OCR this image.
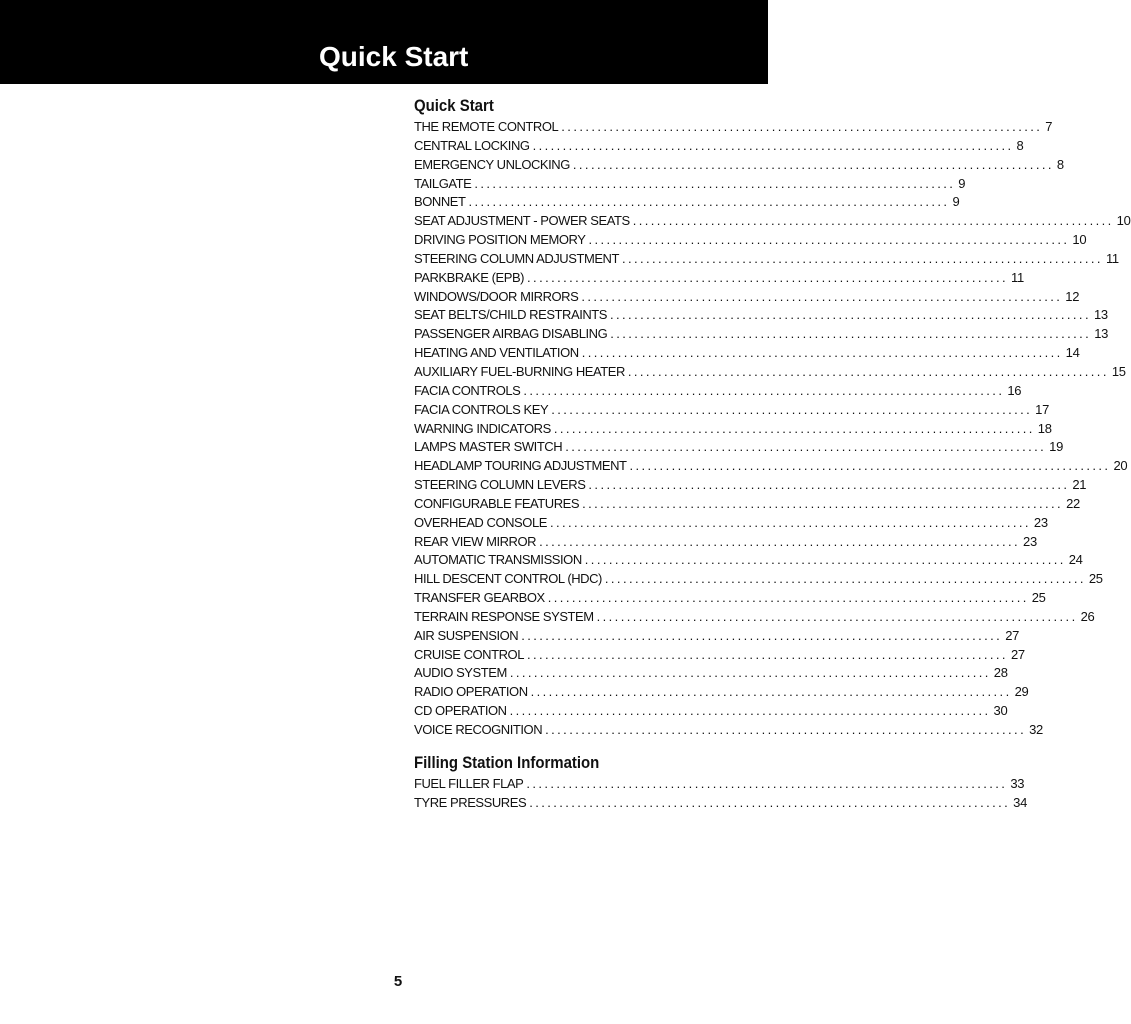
Quick Start
Quick Start
THE REMOTE CONTROL ................................................................................ 7
CENTRAL LOCKING ................................................................................ 8
EMERGENCY UNLOCKING ................................................................................ 8
TAILGATE ................................................................................ 9
BONNET ................................................................................ 9
SEAT ADJUSTMENT - POWER SEATS ................................................................................ 10
DRIVING POSITION MEMORY ................................................................................ 10
STEERING COLUMN ADJUSTMENT ................................................................................ 11
PARKBRAKE (EPB) ................................................................................ 11
WINDOWS/DOOR MIRRORS ................................................................................ 12
SEAT BELTS/CHILD RESTRAINTS ................................................................................ 13
PASSENGER AIRBAG DISABLING ................................................................................ 13
HEATING AND VENTILATION ................................................................................ 14
AUXILIARY FUEL-BURNING HEATER ................................................................................ 15
FACIA CONTROLS ................................................................................ 16
FACIA CONTROLS KEY ................................................................................ 17
WARNING INDICATORS ................................................................................ 18
LAMPS MASTER SWITCH ................................................................................ 19
HEADLAMP TOURING ADJUSTMENT ................................................................................ 20
STEERING COLUMN LEVERS ................................................................................ 21
CONFIGURABLE FEATURES ................................................................................ 22
OVERHEAD CONSOLE ................................................................................ 23
REAR VIEW MIRROR ................................................................................ 23
AUTOMATIC TRANSMISSION ................................................................................ 24
HILL DESCENT CONTROL (HDC) ................................................................................ 25
TRANSFER GEARBOX ................................................................................ 25
TERRAIN RESPONSE SYSTEM ................................................................................ 26
AIR SUSPENSION ................................................................................ 27
CRUISE CONTROL ................................................................................ 27
AUDIO SYSTEM ................................................................................ 28
RADIO OPERATION ................................................................................ 29
CD OPERATION ................................................................................ 30
VOICE RECOGNITION ................................................................................ 32
Filling Station Information
FUEL FILLER FLAP ................................................................................ 33
TYRE PRESSURES ................................................................................ 34
5
